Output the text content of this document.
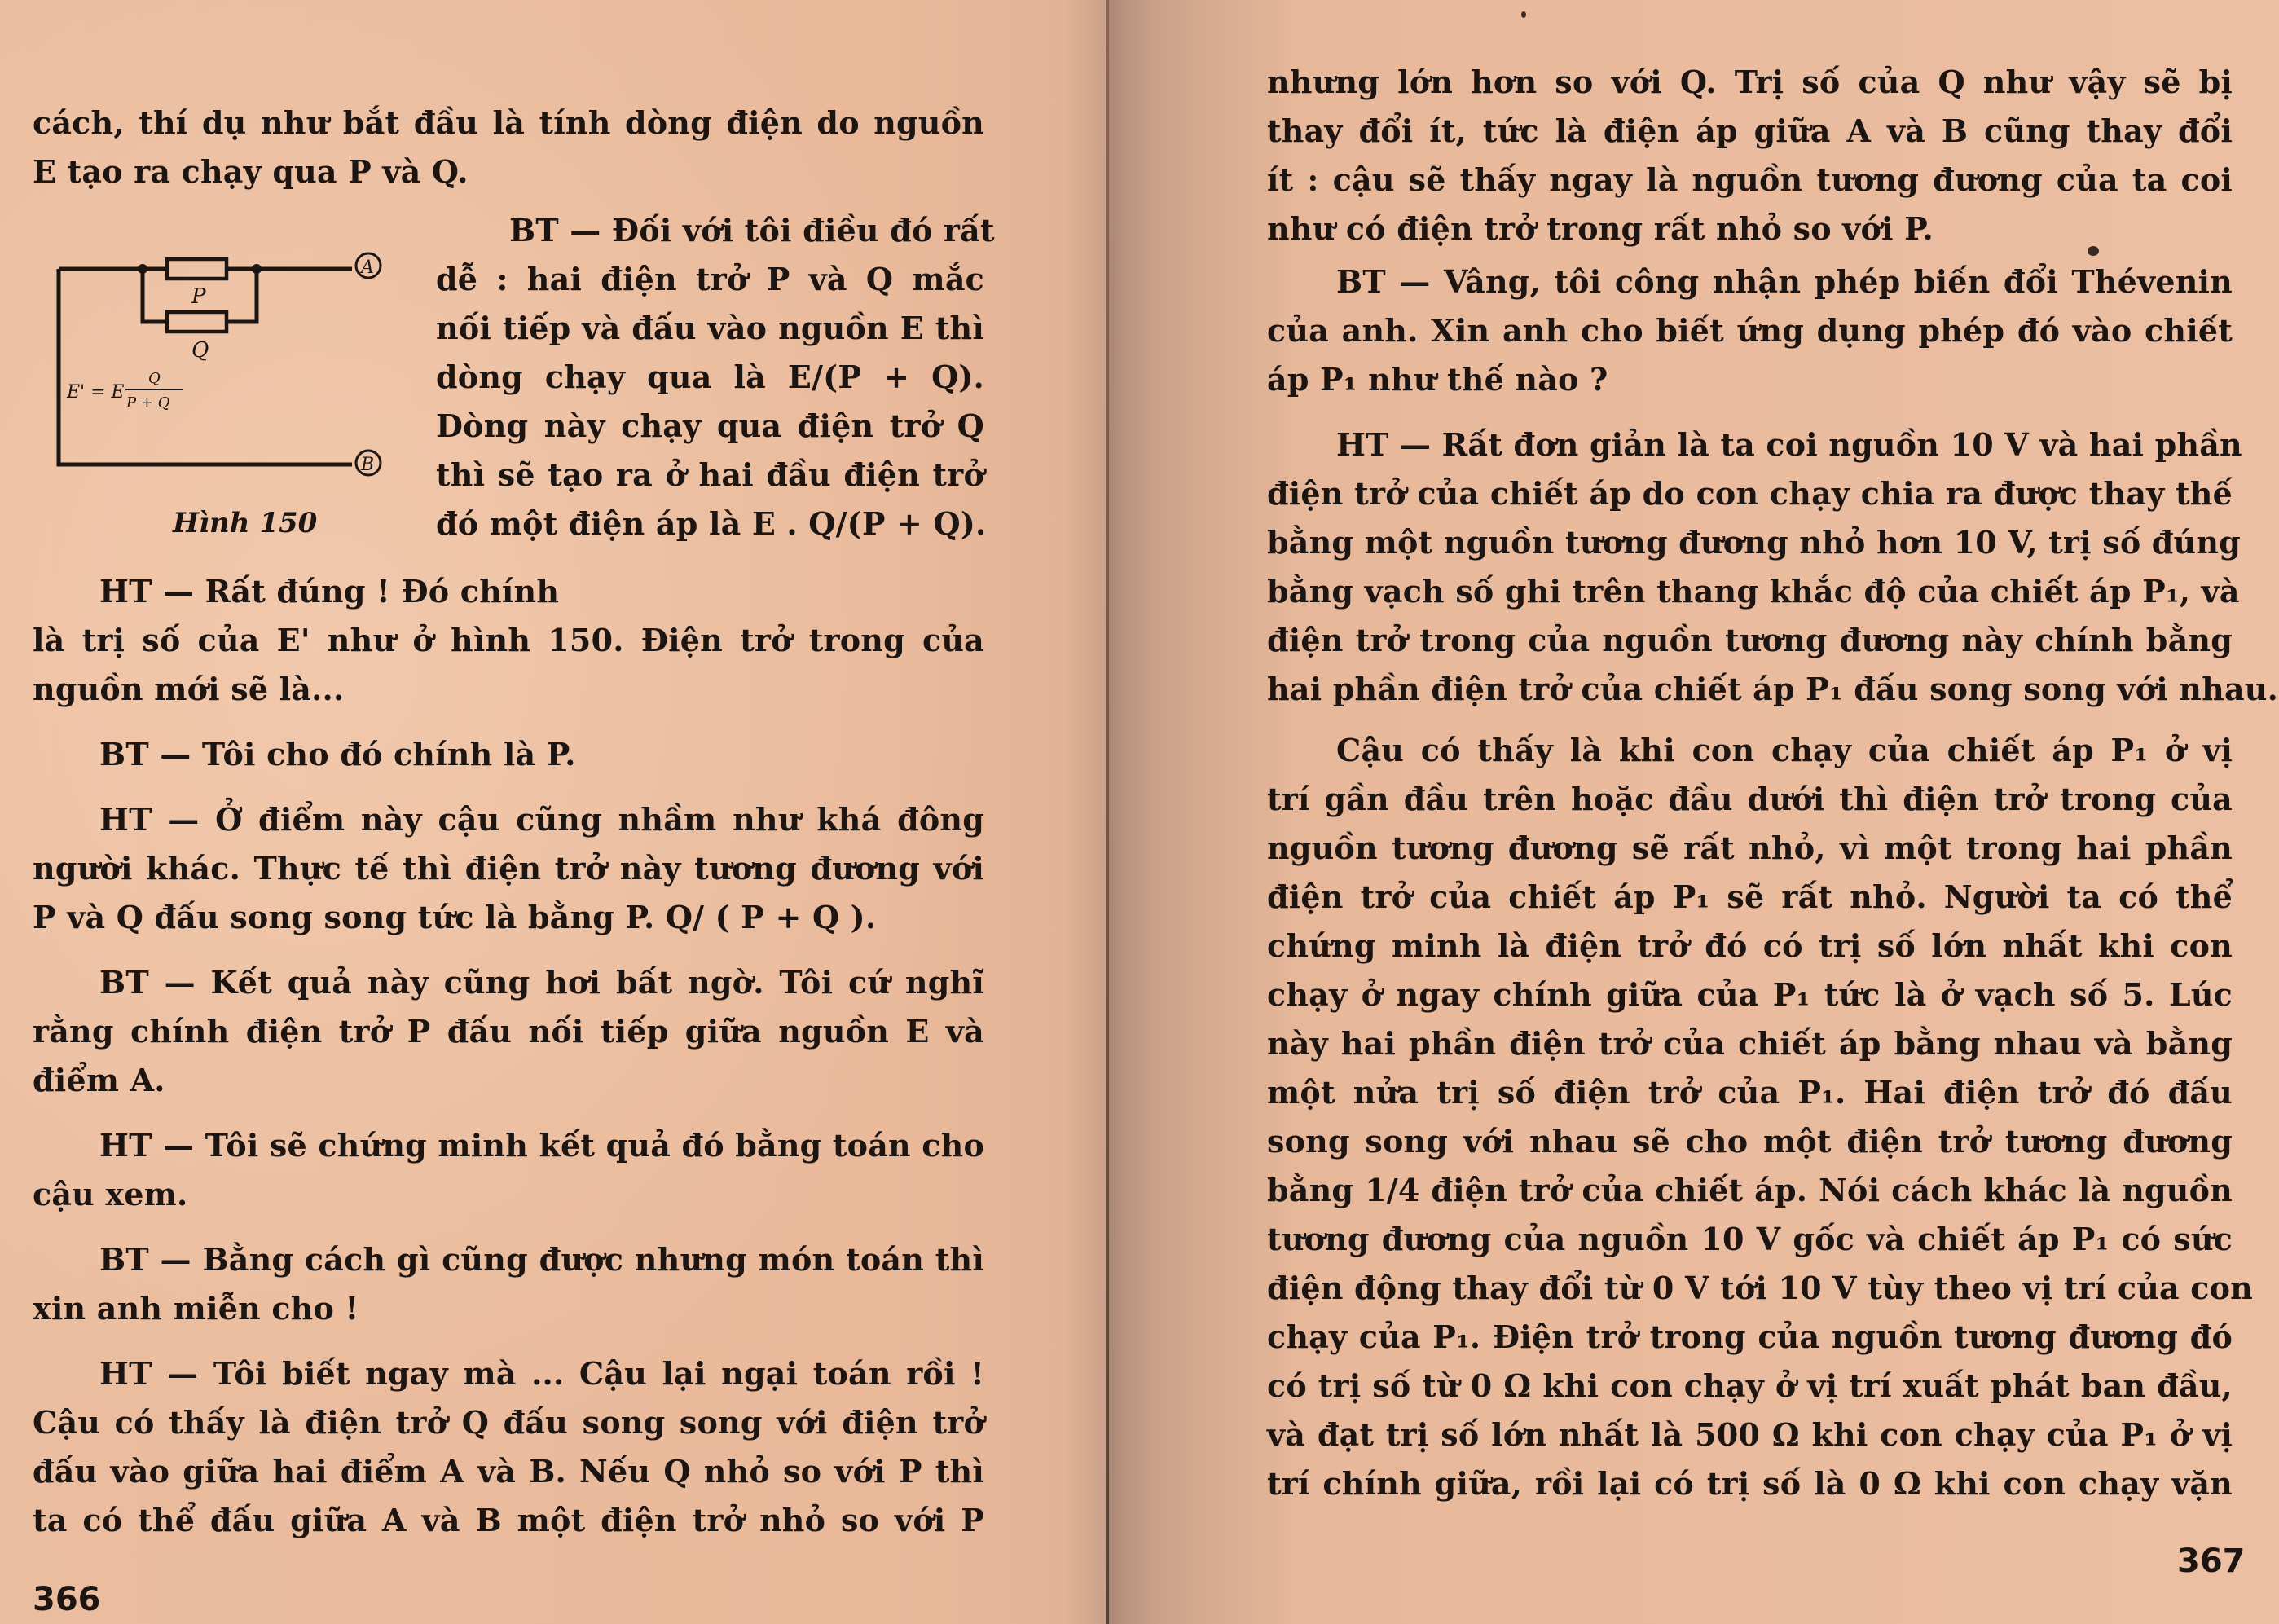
cách, thí dụ như bắt đầu là tính dòng điện do nguồn
E tạo ra chạy qua P và Q.
BT — Đối với tôi điều đó rất
dễ : hai điện trở P và Q mắc
nối tiếp và đấu vào nguồn E thì
dòng chạy qua là E/(P + Q).
Dòng này chạy qua điện trở Q
thì sẽ tạo ra ở hai đầu điện trở
đó một điện áp là E . Q/(P + Q).
HT — Rất đúng ! Đó chính
là trị số của E' như ở hình 150. Điện trở trong của
nguồn mới sẽ là...
BT — Tôi cho đó chính là P.
HT — Ở điểm này cậu cũng nhầm như khá đông
người khác. Thực tế thì điện trở này tương đương với
P và Q đấu song song tức là bằng P. Q/ ( P + Q ).
BT — Kết quả này cũng hơi bất ngờ. Tôi cứ nghĩ
rằng chính điện trở P đấu nối tiếp giữa nguồn E và
điểm A.
HT — Tôi sẽ chứng minh kết quả đó bằng toán cho
cậu xem.
BT — Bằng cách gì cũng được nhưng món toán thì
xin anh miễn cho !
HT — Tôi biết ngay mà ... Cậu lại ngại toán rồi !
Cậu có thấy là điện trở Q đấu song song với điện trở
đấu vào giữa hai điểm A và B. Nếu Q nhỏ so với P thì
ta có thể đấu giữa A và B một điện trở nhỏ so với P
P
Q
A
B
E' = E
Q
P + Q
Hình 150
366
nhưng lớn hơn so với Q. Trị số của Q như vậy sẽ bị
thay đổi ít, tức là điện áp giữa A và B cũng thay đổi
ít : cậu sẽ thấy ngay là nguồn tương đương của ta coi
như có điện trở trong rất nhỏ so với P.
BT — Vâng, tôi công nhận phép biến đổi Thévenin
của anh. Xin anh cho biết ứng dụng phép đó vào chiết
áp P₁ như thế nào ?
HT — Rất đơn giản là ta coi nguồn 10 V và hai phần
điện trở của chiết áp do con chạy chia ra được thay thế
bằng một nguồn tương đương nhỏ hơn 10 V, trị số đúng
bằng vạch số ghi trên thang khắc độ của chiết áp P₁, và
điện trở trong của nguồn tương đương này chính bằng
hai phần điện trở của chiết áp P₁ đấu song song với nhau.
Cậu có thấy là khi con chạy của chiết áp P₁ ở vị
trí gần đầu trên hoặc đầu dưới thì điện trở trong của
nguồn tương đương sẽ rất nhỏ, vì một trong hai phần
điện trở của chiết áp P₁ sẽ rất nhỏ. Người ta có thể
chứng minh là điện trở đó có trị số lớn nhất khi con
chạy ở ngay chính giữa của P₁ tức là ở vạch số 5. Lúc
này hai phần điện trở của chiết áp bằng nhau và bằng
một nửa trị số điện trở của P₁. Hai điện trở đó đấu
song song với nhau sẽ cho một điện trở tương đương
bằng 1/4 điện trở của chiết áp. Nói cách khác là nguồn
tương đương của nguồn 10 V gốc và chiết áp P₁ có sức
điện động thay đổi từ 0 V tới 10 V tùy theo vị trí của con
chạy của P₁. Điện trở trong của nguồn tương đương đó
có trị số từ 0 Ω khi con chạy ở vị trí xuất phát ban đầu,
và đạt trị số lớn nhất là 500 Ω khi con chạy của P₁ ở vị
trí chính giữa, rồi lại có trị số là 0 Ω khi con chạy vặn
367
